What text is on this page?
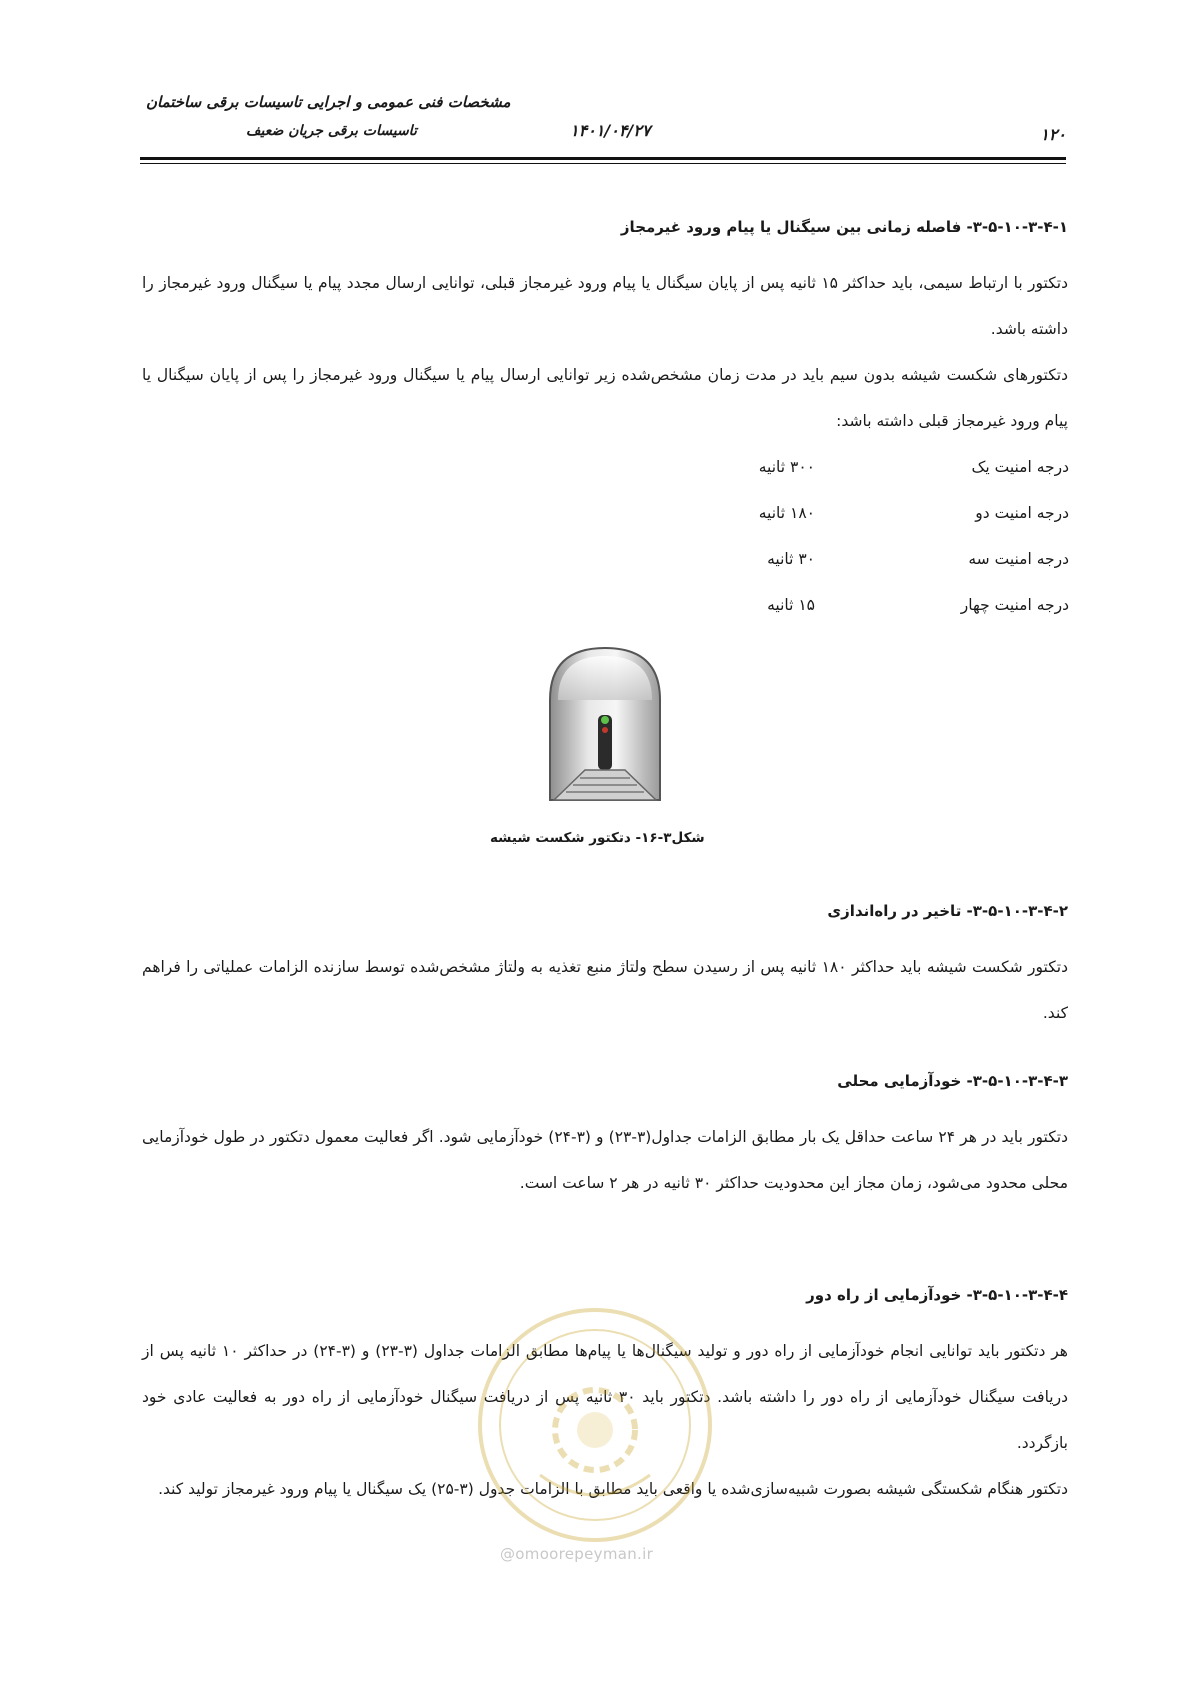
مشخصات فنی عمومی و اجرایی تاسیسات برقی ساختمان
تاسیسات برقی جریان ضعیف	۱۴۰۱/۰۴/۲۷	۱۲۰
۳-۵-۱۰-۳-۴-۱- فاصله زمانی بین سیگنال یا پیام ورود غیرمجاز
دتکتور با ارتباط سیمی، باید حداکثر ۱۵ ثانیه پس از پایان سیگنال یا پیام ورود غیرمجاز قبلی، توانایی ارسال مجدد پیام یا سیگنال ورود غیرمجاز را داشته باشد.
دتکتورهای شکست شیشه بدون سیم باید در مدت زمان مشخص‌شده زیر توانایی ارسال پیام یا سیگنال ورود غیرمجاز را پس از پایان سیگنال یا پیام ورود غیرمجاز قبلی داشته باشد:
درجه امنیت یک
۳۰۰ ثانیه
درجه امنیت دو
۱۸۰ ثانیه
درجه امنیت سه
۳۰ ثانیه
درجه امنیت چهار
۱۵ ثانیه
شکل۳-۱۶- دتکتور شکست شیشه
۳-۵-۱۰-۳-۴-۲- تاخیر در راه‌اندازی
دتکتور شکست شیشه باید حداکثر ۱۸۰ ثانیه پس از رسیدن سطح ولتاژ منبع تغذیه به ولتاژ مشخص‌شده توسط سازنده الزامات عملیاتی را فراهم کند.
۳-۵-۱۰-۳-۴-۳- خودآزمایی محلی
دتکتور باید در هر ۲۴ ساعت حداقل یک بار مطابق الزامات جداول(۳-۲۳) و (۳-۲۴) خودآزمایی شود. اگر فعالیت معمول دتکتور در طول خودآزمایی محلی محدود می‌شود، زمان مجاز این محدودیت حداکثر ۳۰ ثانیه در هر ۲ ساعت است.
۳-۵-۱۰-۳-۴-۴- خودآزمایی از راه دور
هر دتکتور باید توانایی انجام خودآزمایی از راه دور و تولید سیگنال‌ها یا پیام‌ها مطابق الزامات جداول (۳-۲۳) و (۳-۲۴) در حداکثر ۱۰ ثانیه پس از دریافت سیگنال خودآزمایی از راه دور را داشته باشد. دتکتور باید ۳۰ ثانیه پس از دریافت سیگنال خودآزمایی از راه دور به فعالیت عادی خود بازگردد.
دتکتور هنگام شکستگی شیشه بصورت شبیه‌سازی‌شده یا واقعی باید مطابق با الزامات جدول (۳-۲۵) یک سیگنال یا پیام ورود غیرمجاز تولید کند.
@omoorepeyman.ir
